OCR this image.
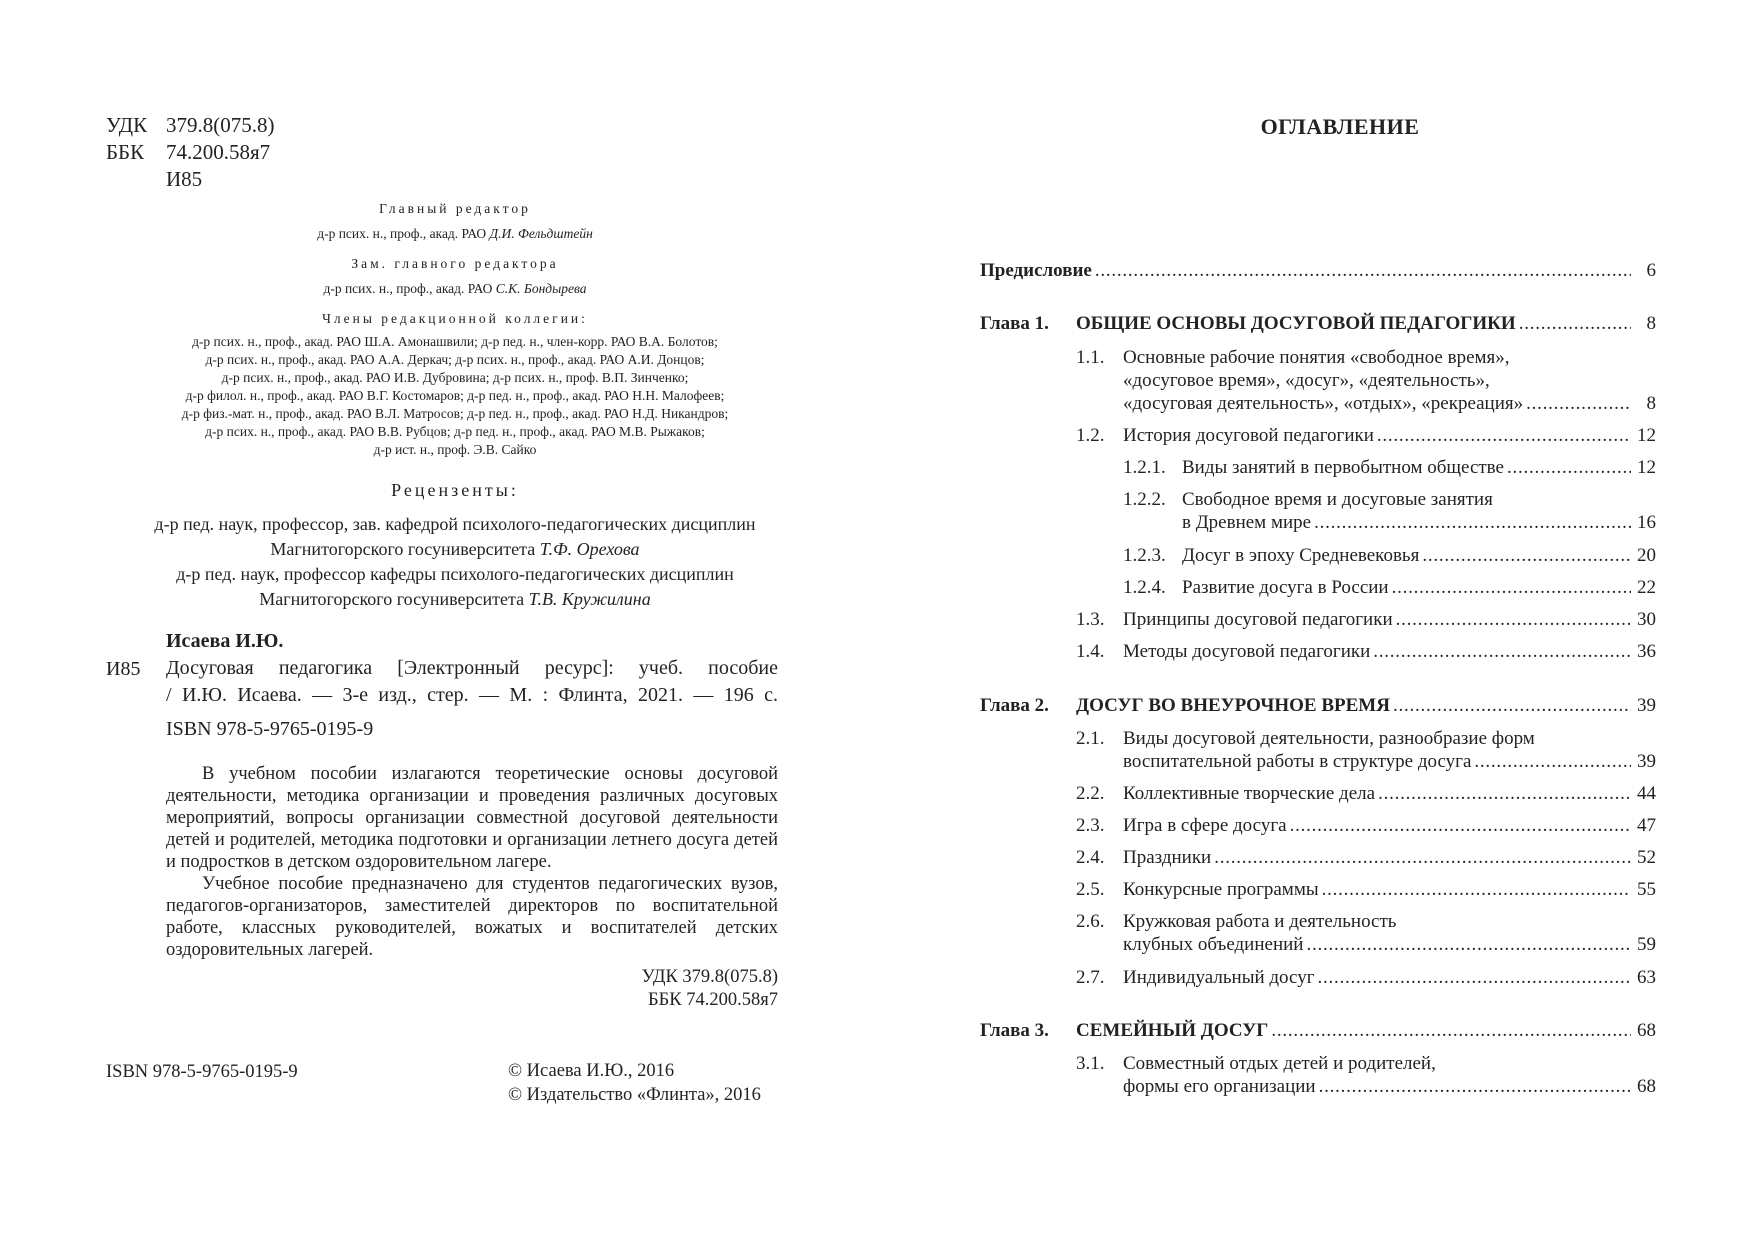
УДК 379.8(075.8)
ББК	74.200.58я7
И85
Главный редактор
д-р псих. н., проф., акад. РАО Д.И. Фельдштейн
Зам. главного редактора
д-р псих. н., проф., акад. РАО С.К. Бондырева
Члены редакционной коллегии:
д-р псих. н., проф., акад. РАО Ш.А. Амонашвили; д-р пед. н., член-корр. РАО В.А. Болотов;
д-р псих. н., проф., акад. РАО А.А. Деркач; д-р псих. н., проф., акад. РАО А.И. Донцов;
д-р псих. н., проф., акад. РАО И.В. Дубровина; д-р псих. н., проф. В.П. Зинченко;
д-р филол. н., проф., акад. РАО В.Г. Костомаров; д-р пед. н., проф., акад. РАО Н.Н. Малофеев;
д-р физ.-мат. н., проф., акад. РАО В.Л. Матросов; д-р пед. н., проф., акад. РАО Н.Д. Никандров;
д-р псих. н., проф., акад. РАО В.В. Рубцов; д-р пед. н., проф., акад. РАО М.В. Рыжаков;
д-р ист. н., проф. Э.В. Сайко
Рецензенты:
д-р пед. наук, профессор, зав. кафедрой психолого-педагогических дисциплин
Магнитогорского госуниверситета Т.Ф. Орехова
д-р пед. наук, профессор кафедры психолого-педагогических дисциплин
Магнитогорского госуниверситета Т.В. Кружилина
Исаева И.Ю.
И85 Досуговая педагогика [Электронный ресурс]: учеб. пособие
/ И.Ю. Исаева. — 3-е изд., стер. — М. : Флинта, 2021. — 196 с.
ISBN 978-5-9765-0195-9

В учебном пособии излагаются теоретические основы досуговой деятельности, методика организации и проведения различных досуговых мероприятий, вопросы организации совместной досуговой деятельности детей и родителей, методика подготовки и организации летнего досуга детей и подростков в детском оздоровительном лагере.

Учебное пособие предназначено для студентов педагогических вузов, педагогов-организаторов, заместителей директоров по воспитательной работе, классных руководителей, вожатых и воспитателей детских оздоровительных лагерей.

УДК 379.8(075.8)
ББК 74.200.58я7
ISBN 978-5-9765-0195-9	© Исаева И.Ю., 2016
© Издательство «Флинта», 2016
ОГЛАВЛЕНИЕ
Предисловие . . .	6
Глава 1.	ОБЩИЕ ОСНОВЫ ДОСУГОВОЙ ПЕДАГОГИКИ . . .	8
1.1. Основные рабочие понятия «свободное время»,
«досуговое время», «досуг», «деятельность»,
«досуговая деятельность», «отдых», «рекреация» . . .	8
1.2. История досуговой педагогики . . .	12
1.2.1. Виды занятий в первобытном обществе . . .	12
1.2.2. Свободное время и досуговые занятия
в Древнем мире . . .	16
1.2.3. Досуг в эпоху Средневековья . . .	20
1.2.4. Развитие досуга в России . . .	22
1.3. Принципы досуговой педагогики . . .	30
1.4. Методы досуговой педагогики . . .	36
Глава 2.	ДОСУГ ВО ВНЕУРОЧНОЕ ВРЕМЯ . . .	39
2.1. Виды досуговой деятельности, разнообразие форм
воспитательной работы в структуре досуга . . .	39
2.2. Коллективные творческие дела . . .	44
2.3. Игра в сфере досуга . . .	47
2.4. Праздники . . .	52
2.5. Конкурсные программы . . .	55
2.6. Кружковая работа и деятельность
клубных объединений . . .	59
2.7. Индивидуальный досуг . . .	63
Глава 3.	СЕМЕЙНЫЙ ДОСУГ . . .	68
3.1. Совместный отдых детей и родителей,
формы его организации . . .	68
